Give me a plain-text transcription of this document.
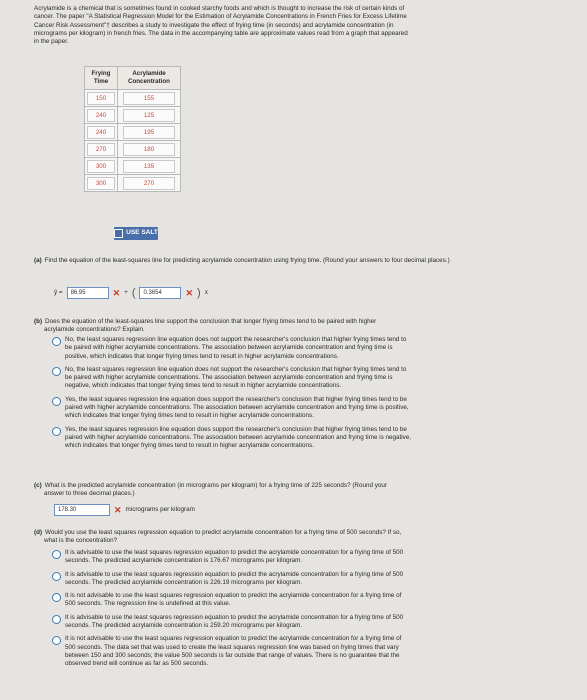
Acrylamide is a chemical that is sometimes found in cooked starchy foods and which is thought to increase the risk of certain kinds of

cancer. The paper "A Statistical Regression Model for the Estimation of Acrylamide Concentrations in French Fries for Excess Lifetime

Cancer Risk Assessment"† describes a study to investigate the effect of frying time (in seconds) and acrylamide concentration (in

micrograms per kilogram) in french fries. The data in the accompanying table are approximate values read from a graph that appeared

in the paper.

Frying Time	Acrylamide Concentration
150	155
240	125
240	195
270	180
300	135
300	270
USE SALT

(a) Find the equation of the least-squares line for predicting acrylamide concentration using frying time. (Round your answers to four decimal places.)

ŷ =	86.95	✕ + (	0.3654	✕ ) x

(b) Does the equation of the least-squares line support the conclusion that longer frying times tend to be paired with higher

acrylamide concentrations? Explain.

No, the least squares regression line equation does not support the researcher's conclusion that higher frying times tend to
be paired with higher acrylamide concentrations. The association between acrylamide concentration and frying time is
positive, which indicates that longer frying times tend to result in higher acrylamide concentrations.
No, the least squares regression line equation does not support the researcher's conclusion that higher frying times tend to
be paired with higher acrylamide concentrations. The association between acrylamide concentration and frying time is
negative, which indicates that longer frying times tend to result in higher acrylamide concentrations.
Yes, the least squares regression line equation does support the researcher's conclusion that higher frying times tend to be
paired with higher acrylamide concentrations. The association between acrylamide concentration and frying time is positive,
which indicates that longer frying times tend to result in higher acrylamide concentrations.
Yes, the least squares regression line equation does support the researcher's conclusion that higher frying times tend to be
paired with higher acrylamide concentrations. The association between acrylamide concentration and frying time is negative,
which indicates that longer frying times tend to result in higher acrylamide concentrations.

(c) What is the predicted acrylamide concentration (in micrograms per kilogram) for a frying time of 225 seconds? (Round your

answer to three decimal places.)

178.30	✕ micrograms per kilogram

(d) Would you use the least squares regression equation to predict acrylamide concentration for a frying time of 500 seconds? If so,

what is the concentration?

It is advisable to use the least squares regression equation to predict the acrylamide concentration for a frying time of 500
seconds. The predicted acrylamide concentration is 176.67 micrograms per kilogram.
It is advisable to use the least squares regression equation to predict the acrylamide concentration for a frying time of 500
seconds. The predicted acrylamide concentration is 226.19 micrograms per kilogram.
It is not advisable to use the least squares regression equation to predict the acrylamide concentration for a frying time of
500 seconds. The regression line is undefined at this value.
It is advisable to use the least squares regression equation to predict the acrylamide concentration for a frying time of 500
seconds. The predicted acrylamide concentration is 259.20 micrograms per kilogram.
It is not advisable to use the least squares regression equation to predict the acrylamide concentration for a frying time of
500 seconds. The data set that was used to create the least squares regression line was based on frying times that vary
between 150 and 300 seconds; the value 500 seconds is far outside that range of values. There is no guarantee that the
observed trend will continue as far as 500 seconds.
